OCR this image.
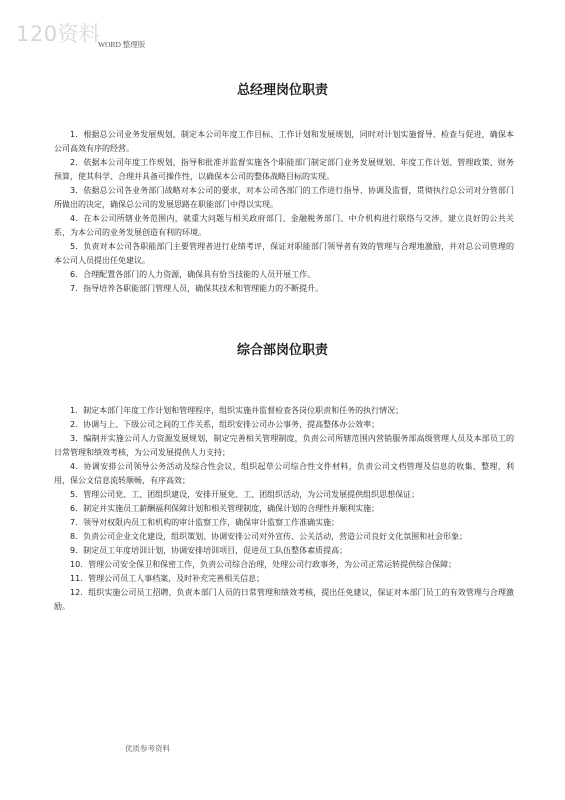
120资料
WORD 整理版
总经理岗位职责
1．根据总公司业务发展规划，制定本公司年度工作目标、工作计划和发展规划，同时对计划实施督导、检查与促进，确保本公司高效有序的经营。
2．依据本公司年度工作规划，指导和批准并监督实施各个职能部门制定部门业务发展规划、年度工作计划、管理政策、财务预算，使其科学、合理并具备可操作性，以确保本公司的整体战略目标的实现。
3．依据总公司各业务部门战略对本公司的要求，对本公司各部门的工作进行指导、协调及监督，贯彻执行总公司对分管部门所做出的决定，确保总公司的发展思路在职能部门中得以实现。
4．在本公司所辖业务范围内，就重大问题与相关政府部门、金融税务部门、中介机构进行联络与交涉，建立良好的公共关系，为本公司的业务发展创造有利的环境。
5．负责对本公司各职能部门主要管理者进行业绩考评，保证对职能部门领导者有效的管理与合理地激励，并对总公司管理的本公司人员提出任免建议。
6．合理配置各部门的人力资源，确保具有恰当技能的人员开展工作。
7．指导培养各职能部门管理人员，确保其技术和管理能力的不断提升。
综合部岗位职责
1．制定本部门年度工作计划和管理程序，组织实施并监督检查各岗位职责和任务的执行情况；
2．协调与上、下级公司之间的工作关系，组织安排公司办公事务，提高整体办公效率；
3．编制并实施公司人力资源发展规划，制定完善相关管理制度，负责公司所辖范围内营销服务部高级管理人员及本部员工的日常管理和绩效考核，为公司发展提供人力支持；
4．协调安排公司领导公务活动及综合性会议，组织起草公司综合性文件材料，负责公司文档管理及信息的收集、整理、利用，保公文信息流转顺畅，有序高效；
5．管理公司党、工、团组织建设，安排开展党、工、团组织活动，为公司发展提供组织思想保证；
6．制定并实施员工薪酬福利保障计划和相关管理制度，确保计划的合理性并顺利实施；
7．领导对权限内员工和机构的审计监察工作，确保审计监察工作准确实施；
8．负责公司企业文化建设，组织策划、协调安排公司对外宣传、公关活动，营造公司良好文化氛围和社会形象；
9．制定员工年度培训计划，协调安排培训项目，促进员工队伍整体素质提高；
10．管理公司安全保卫和保密工作，负责公司综合治理，处理公司行政事务，为公司正常运转提供综合保障；
11．管理公司员工人事档案，及时补充完善相关信息；
12．组织实施公司员工招聘，负责本部门人员的日常管理和绩效考核，提出任免建议，保证对本部门员工的有效管理与合理激励。
优质参考资料
